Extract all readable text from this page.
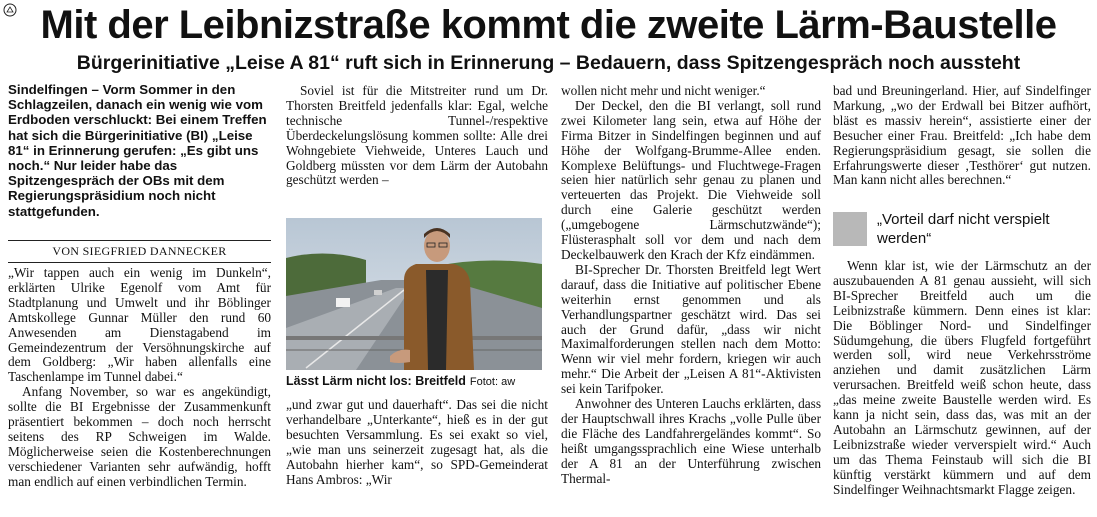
Mit der Leibnizstraße kommt die zweite Lärm-Baustelle
Bürgerinitiative „Leise A 81“ ruft sich in Erinnerung – Bedauern, dass Spitzengespräch noch aussteht
Sindelfingen – Vorm Sommer in den Schlagzeilen, danach ein wenig wie vom Erdboden verschluckt: Bei einem Treffen hat sich die Bürgerinitiative (BI) „Leise 81“ in Erinnerung gerufen: „Es gibt uns noch.“ Nur leider habe das Spitzengespräch der OBs mit dem Regierungspräsidium noch nicht stattgefunden.
VON SIEGFRIED DANNECKER

„Wir tappen auch ein wenig im Dunkeln“, erklärten Ulrike Egenolf vom Amt für Stadtplanung und Umwelt und ihr Böblinger Amtskollege Gunnar Müller den rund 60 Anwesenden am Dienstagabend im Gemeindezentrum der Versöhnungskirche auf dem Goldberg: „Wir haben allenfalls eine Taschenlampe im Tunnel dabei.“

Anfang November, so war es angekündigt, sollte die BI Ergebnisse der Zusammenkunft präsentiert bekommen – doch noch herrscht seitens des RP Schweigen im Walde. Möglicherweise seien die Kostenberechnungen verschiedener Varianten sehr aufwändig, hofft man endlich auf einen verbindlichen Termin.

Soviel ist für die Mitstreiter rund um Dr. Thorsten Breitfeld jedenfalls klar: Egal, welche technische Tunnel-/respektive Überdeckelungslösung kommen sollte: Alle drei Wohngebiete Viehweide, Unteres Lauch und Goldberg müssten vor dem Lärm der Autobahn geschützt werden –

Lässt Lärm nicht los: Breitfeld Fotot: aw

„und zwar gut und dauerhaft“. Das sei die nicht verhandelbare „Unterkante“, hieß es in der gut besuchten Versammlung. Es sei exakt so viel, „wie man uns seinerzeit zugesagt hat, als die Autobahn hierher kam“, so SPD-Gemeinderat Hans Ambros: „Wir

wollen nicht mehr und nicht weniger.“

Der Deckel, den die BI verlangt, soll rund zwei Kilometer lang sein, etwa auf Höhe der Firma Bitzer in Sindelfingen beginnen und auf Höhe der Wolfgang-Brumme-Allee enden. Komplexe Belüftungs- und Fluchtwege-Fragen seien hier natürlich sehr genau zu planen und verteuerten das Projekt. Die Viehweide soll durch eine Galerie geschützt werden („umgebogene Lärmschutzwände“); Flüsterasphalt soll vor dem und nach dem Deckelbauwerk den Krach der Kfz eindämmen.

BI-Sprecher Dr. Thorsten Breitfeld legt Wert darauf, dass die Initiative auf politischer Ebene weiterhin ernst genommen und als Verhandlungspartner geschätzt wird. Das sei auch der Grund dafür, „dass wir nicht Maximalforderungen stellen nach dem Motto: Wenn wir viel mehr fordern, kriegen wir auch mehr.“ Die Arbeit der „Leisen A 81“-Aktivisten sei kein Tarifpoker.

Anwohner des Unteren Lauchs erklärten, dass der Hauptschwall ihres Krachs „volle Pulle über die Fläche des Landfahrergeländes kommt“. So heißt umgangssprachlich eine Wiese unterhalb der A 81 an der Unterführung zwischen Thermal-

bad und Breuningerland. Hier, auf Sindelfinger Markung, „wo der Erdwall bei Bitzer aufhört, bläst es massiv herein“, assistierte einer der Besucher einer Frau. Breitfeld: „Ich habe dem Regierungspräsidium gesagt, sie sollen die Erfahrungswerte dieser ‚Testhörer‘ gut nutzen. Man kann nicht alles berechnen.“

„Vorteil darf nicht verspielt werden“

Wenn klar ist, wie der Lärmschutz an der auszubauenden A 81 genau aussieht, will sich BI-Sprecher Breitfeld auch um die Leibnizstraße kümmern. Denn eines ist klar: Die Böblinger Nord- und Sindelfinger Südumgehung, die übers Flugfeld fortgeführt werden soll, wird neue Verkehrsströme anziehen und damit zusätzlichen Lärm verursachen. Breitfeld weiß schon heute, dass „das meine zweite Baustelle werden wird. Es kann ja nicht sein, dass das, was mit an der Autobahn an Lärmschutz gewinnen, auf der Leibnizstraße wieder ververspielt wird.“ Auch um das Thema Feinstaub will sich die BI künftig verstärkt kümmern und auf dem Sindelfinger Weihnachtsmarkt Flagge zeigen.
